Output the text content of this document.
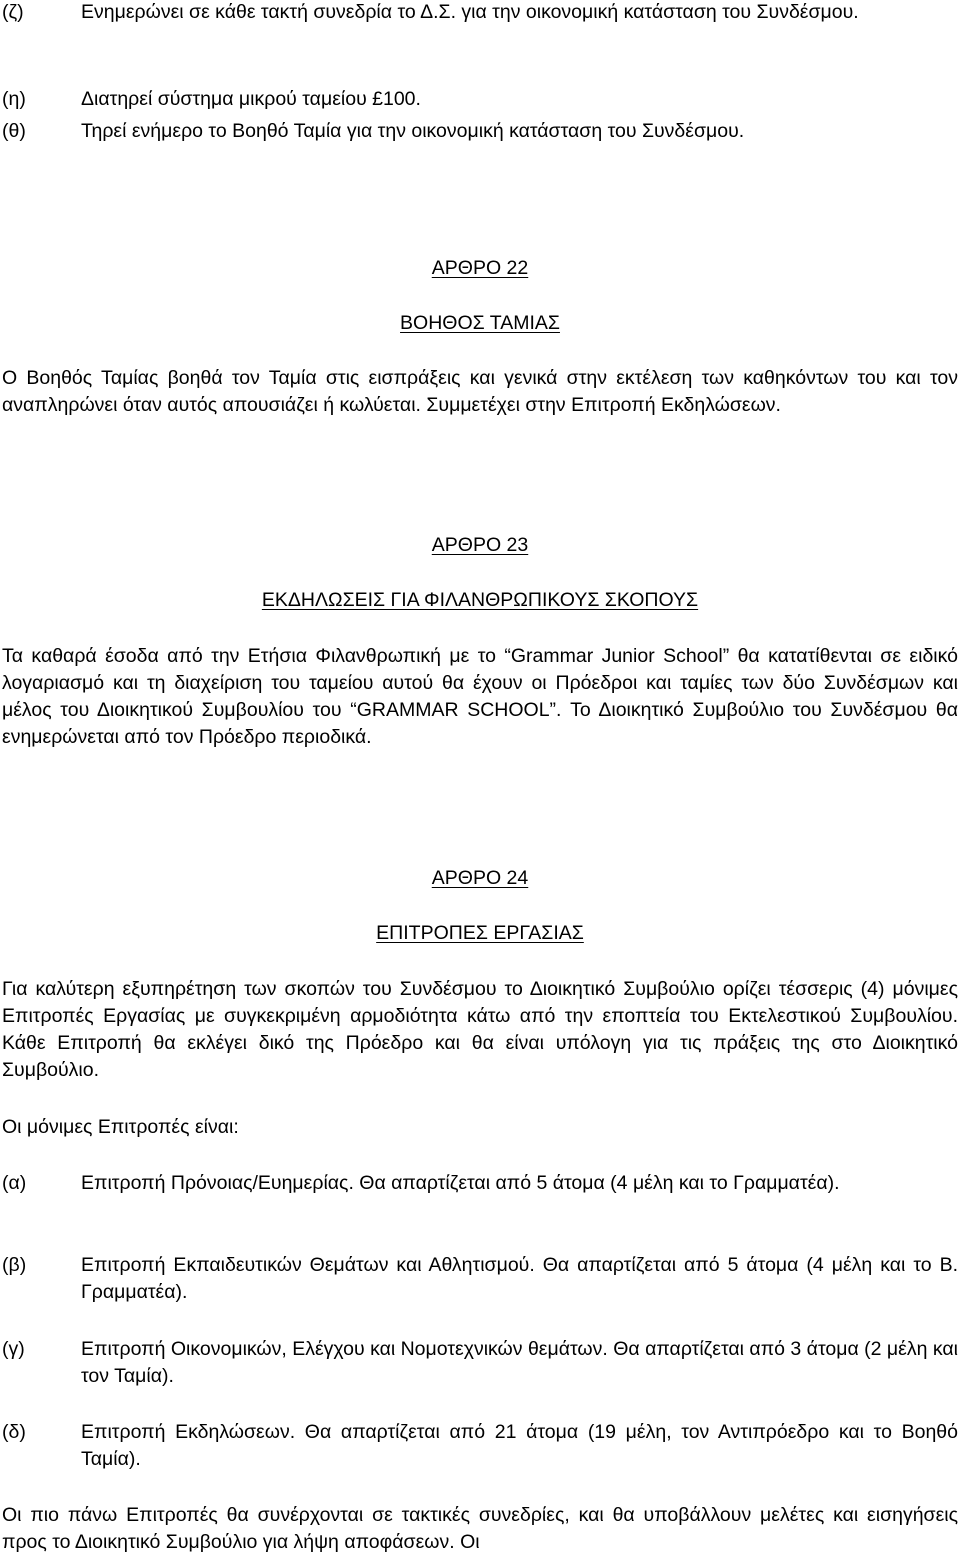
(ζ)	Ενημερώνει σε κάθε τακτή συνεδρία το Δ.Σ. για την οικονομική κατάσταση του Συνδέσμου.
(η)	Διατηρεί σύστημα μικρού ταμείου £100.
(θ)	Τηρεί ενήμερο το Βοηθό Ταμία για την οικονομική κατάσταση του Συνδέσμου.
ΑΡΘΡΟ 22
ΒΟΗΘΟΣ ΤΑΜΙΑΣ
Ο Βοηθός Ταμίας βοηθά τον Ταμία στις εισπράξεις και γενικά στην εκτέλεση των καθηκόντων του και τον αναπληρώνει όταν αυτός απουσιάζει ή κωλύεται. Συμμετέχει στην Επιτροπή Εκδηλώσεων.
ΑΡΘΡΟ 23
ΕΚΔΗΛΩΣΕΙΣ ΓΙΑ ΦΙΛΑΝΘΡΩΠΙΚΟΥΣ ΣΚΟΠΟΥΣ
Τα καθαρά έσοδα από την Ετήσια Φιλανθρωπική με το “Grammar Junior School” θα κατατίθενται σε ειδικό λογαριασμό και τη διαχείριση του ταμείου αυτού θα έχουν οι Πρόεδροι και ταμίες των δύο Συνδέσμων και μέλος του Διοικητικού Συμβουλίου του “GRAMMAR SCHOOL”. Το Διοικητικό Συμβούλιο του Συνδέσμου θα ενημερώνεται από τον Πρόεδρο περιοδικά.
ΑΡΘΡΟ 24
ΕΠΙΤΡΟΠΕΣ ΕΡΓΑΣΙΑΣ
Για καλύτερη εξυπηρέτηση των σκοπών του Συνδέσμου το Διοικητικό Συμβούλιο ορίζει τέσσερις (4) μόνιμες Επιτροπές Εργασίας με συγκεκριμένη αρμοδιότητα κάτω από την εποπτεία του Εκτελεστικού Συμβουλίου. Κάθε Επιτροπή θα εκλέγει δικό της Πρόεδρο και θα είναι υπόλογη για τις πράξεις της στο Διοικητικό Συμβούλιο.
Οι μόνιμες Επιτροπές είναι:
(α)	Επιτροπή Πρόνοιας/Ευημερίας. Θα απαρτίζεται από 5 άτομα (4 μέλη και το Γραμματέα).
(β)	Επιτροπή Εκπαιδευτικών Θεμάτων και Αθλητισμού. Θα απαρτίζεται από 5 άτομα (4 μέλη και το Β. Γραμματέα).
(γ)	Επιτροπή Οικονομικών, Ελέγχου και Νομοτεχνικών θεμάτων. Θα απαρτίζεται από 3 άτομα (2 μέλη και τον Ταμία).
(δ)	Επιτροπή Εκδηλώσεων. Θα απαρτίζεται από 21 άτομα (19 μέλη, τον Αντιπρόεδρο και το Βοηθό Ταμία).
Οι πιο πάνω Επιτροπές θα συνέρχονται σε τακτικές συνεδρίες, και θα υποβάλλουν μελέτες και εισηγήσεις προς το Διοικητικό Συμβούλιο για λήψη αποφάσεων. Οι
